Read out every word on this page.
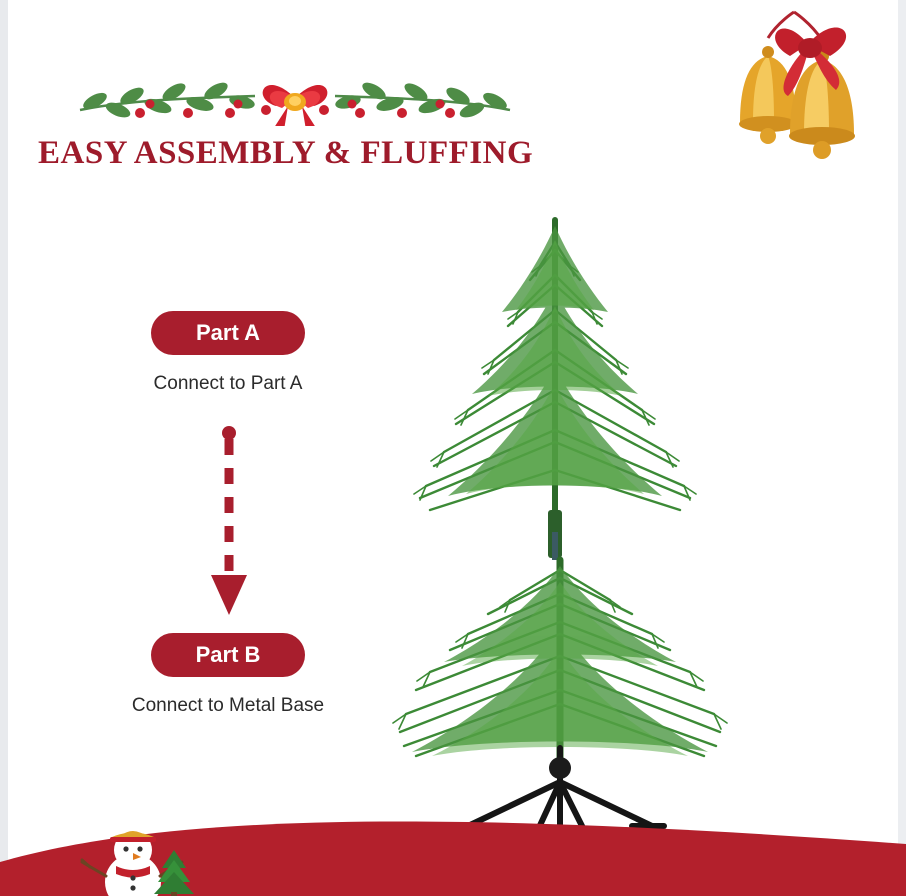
EASY ASSEMBLY & FLUFFING
Part A
Connect to Part A
Part B
Connect to Metal Base
